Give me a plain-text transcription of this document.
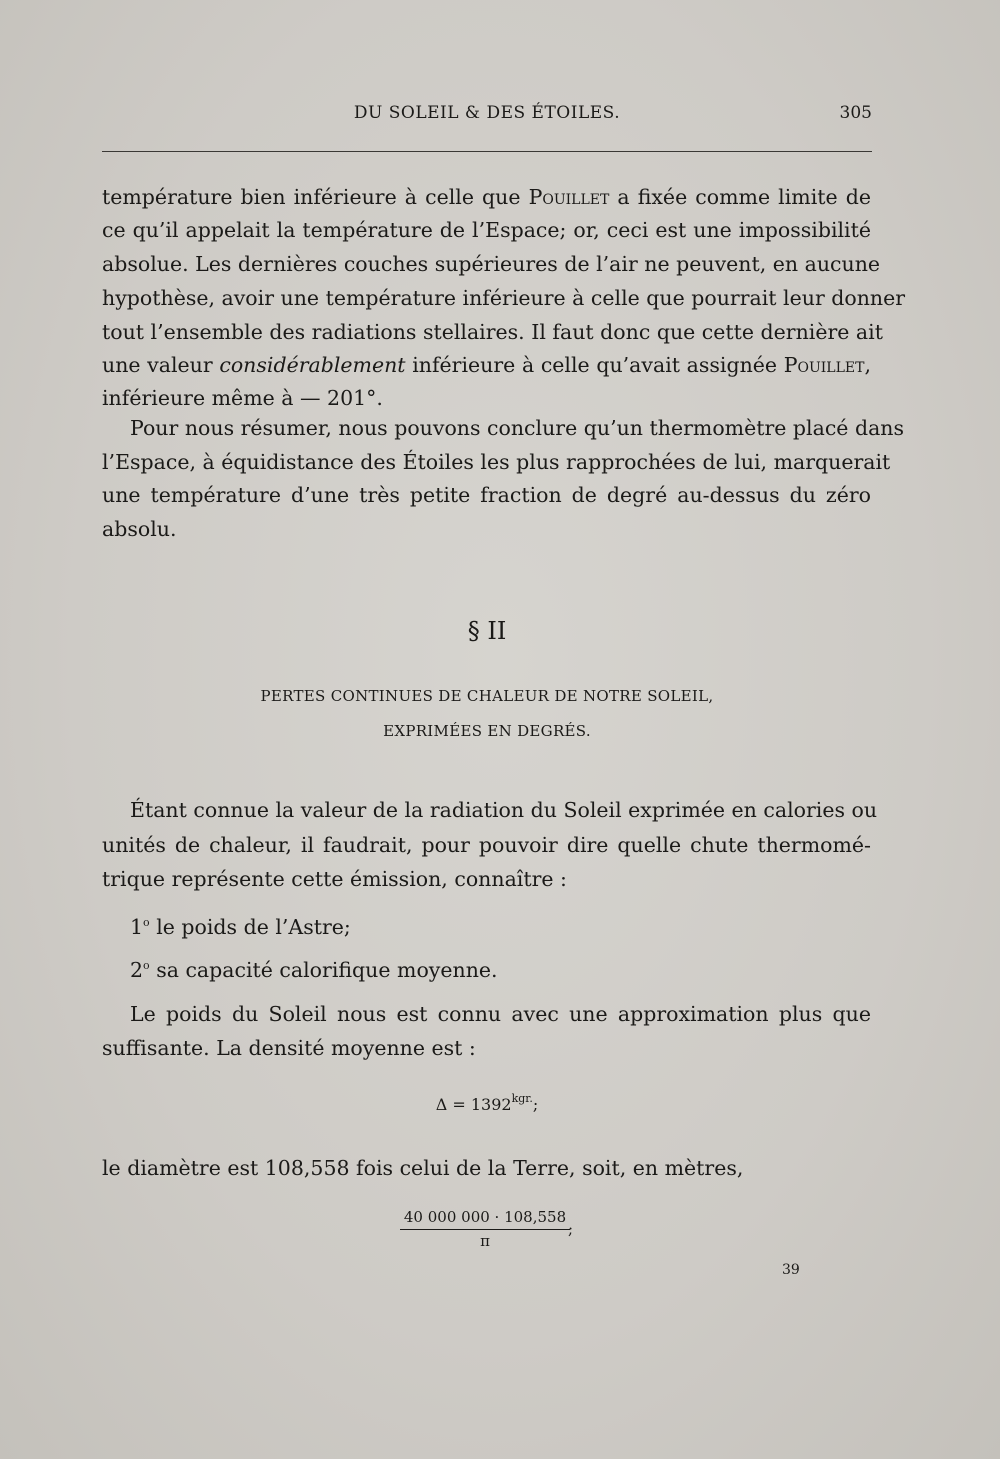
DU SOLEIL & DES ÉTOILES.	305
température bien inférieure à celle que Pouillet a fixée comme limite de
ce qu’il appelait la température de l’Espace; or, ceci est une impossibilité
absolue. Les dernières couches supérieures de l’air ne peuvent, en aucune
hypothèse, avoir une température inférieure à celle que pourrait leur donner
tout l’ensemble des radiations stellaires. Il faut donc que cette dernière ait
une valeur considérablement inférieure à celle qu’avait assignée Pouillet,
inférieure même à — 201°.
Pour nous résumer, nous pouvons conclure qu’un thermomètre placé dans
l’Espace, à équidistance des Étoiles les plus rapprochées de lui, marquerait
une température d’une très petite fraction de degré au-dessus du zéro
absolu.
§ II
PERTES CONTINUES DE CHALEUR DE NOTRE SOLEIL,
EXPRIMÉES EN DEGRÉS.
Étant connue la valeur de la radiation du Soleil exprimée en calories ou
unités de chaleur, il faudrait, pour pouvoir dire quelle chute thermomé-
trique représente cette émission, connaître :
1$^o$ le poids de l’Astre;
2$^o$ sa capacité calorifique moyenne.
Le poids du Soleil nous est connu avec une approximation plus que
suffisante. La densité moyenne est :
$\Delta = 1392^{kgr.}$;
le diamètre est 108,558 fois celui de la Terre, soit, en mètres,
$\frac{40 000 000 \cdot 108,558}{\pi}$
;
39
